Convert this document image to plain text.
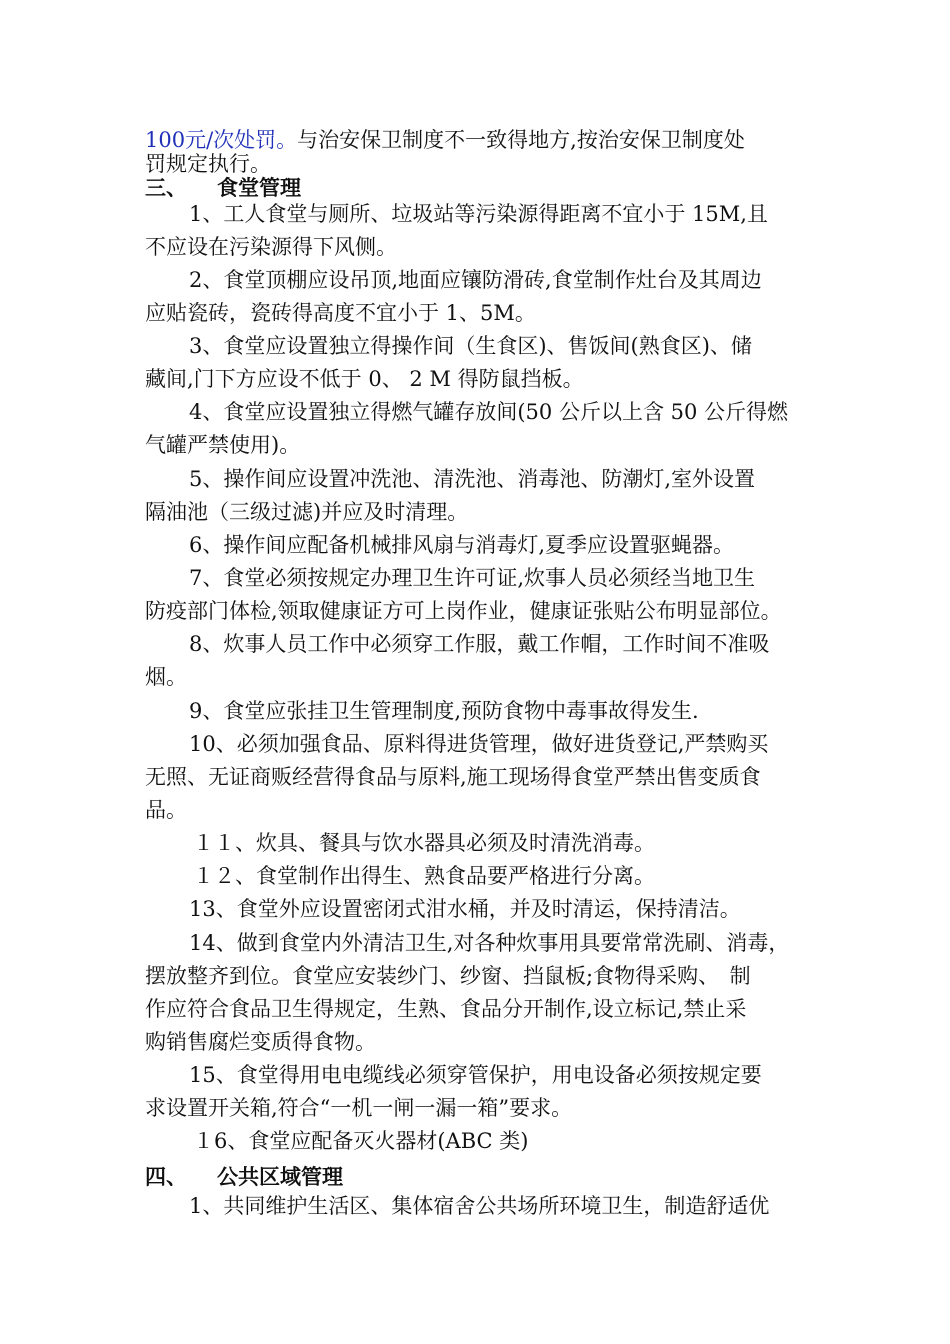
100元/次处罚。与治安保卫制度不一致得地方,按治安保卫制度处
罚规定执行。
三、 食堂管理
1、工人食堂与厕所、垃圾站等污染源得距离不宜小于 15M,且
不应设在污染源得下风侧。
2、食堂顶棚应设吊顶,地面应镶防滑砖,食堂制作灶台及其周边
应贴瓷砖，瓷砖得高度不宜小于 1、5M。
3、食堂应设置独立得操作间（生食区)、售饭间(熟食区)、储
藏间,门下方应设不低于 0、 2 M 得防鼠挡板。
4、食堂应设置独立得燃气罐存放间(50 公斤以上含 50 公斤得燃
气罐严禁使用)。
5、操作间应设置冲洗池、清洗池、消毒池、防潮灯,室外设置
隔油池（三级过滤)并应及时清理。
6、操作间应配备机械排风扇与消毒灯,夏季应设置驱蝇器。
7、食堂必须按规定办理卫生许可证,炊事人员必须经当地卫生
防疫部门体检,领取健康证方可上岗作业，健康证张贴公布明显部位。
8、炊事人员工作中必须穿工作服，戴工作帽，工作时间不准吸
烟。
9、食堂应张挂卫生管理制度,预防食物中毒事故得发生.
10、必须加强食品、原料得进货管理，做好进货登记,严禁购买
无照、无证商贩经营得食品与原料,施工现场得食堂严禁出售变质食
品。
１１、炊具、餐具与饮水器具必须及时清洗消毒。
１２、食堂制作出得生、熟食品要严格进行分离。
13、食堂外应设置密闭式泔水桶，并及时清运，保持清洁。
14、做到食堂内外清洁卫生,对各种炊事用具要常常洗刷、消毒，
摆放整齐到位。食堂应安装纱门、纱窗、挡鼠板;食物得采购、　制
作应符合食品卫生得规定，生熟、食品分开制作,设立标记,禁止采
购销售腐烂变质得食物。
15、食堂得用电电缆线必须穿管保护，用电设备必须按规定要
求设置开关箱,符合“一机一闸一漏一箱”要求。
１6、食堂应配备灭火器材(ABC 类)
四、 公共区域管理
1、共同维护生活区、集体宿舍公共场所环境卫生，制造舒适优
